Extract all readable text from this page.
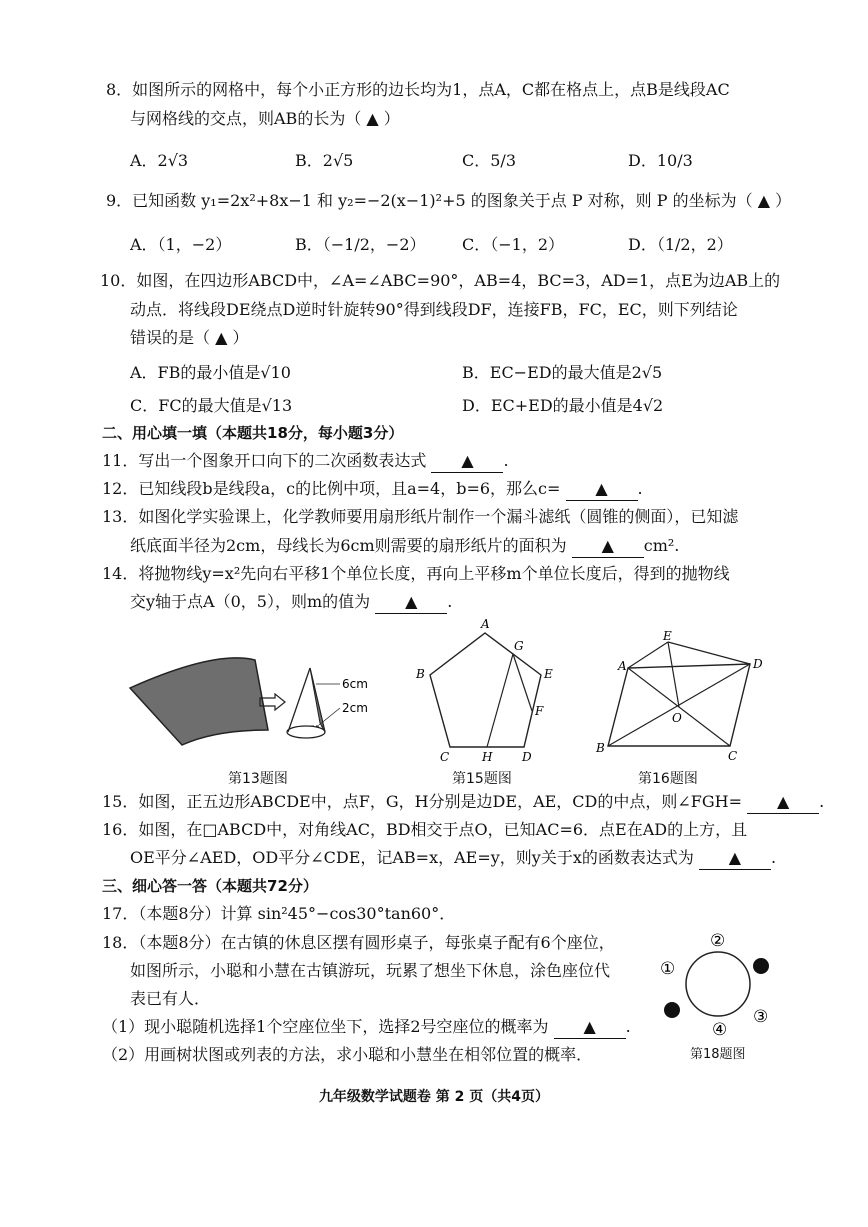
8．如图所示的网格中，每个小正方形的边长均为1，点A，C都在格点上，点B是线段AC
与网格线的交点，则AB的长为（ ▲ ）
A．2√3	B．2√5	C．5/3	D．10/3
9．已知函数 y₁=2x²+8x−1 和 y₂=−2(x−1)²+5 的图象关于点 P 对称，则 P 的坐标为（ ▲ ）
A．（1，−2）	B．（−1/2，−2） C．（−1，2）	D．（1/2，2）
10．如图，在四边形ABCD中，∠A=∠ABC=90°，AB=4，BC=3，AD=1，点E为边AB上的
动点．将线段DE绕点D逆时针旋转90°得到线段DF，连接FB，FC，EC，则下列结论
错误的是（ ▲ ）
A．FB的最小值是√10	B．EC−ED的最大值是2√5
C．FC的最大值是√13	D．EC+ED的最小值是4√2
二、用心填一填（本题共18分，每小题3分）
11．写出一个图象开口向下的二次函数表达式 ▲ .
12．已知线段b是线段a，c的比例中项，且a=4，b=6，那么c= ▲ .
13．如图化学实验课上，化学教师要用扇形纸片制作一个漏斗滤纸（圆锥的侧面），已知滤
纸底面半径为2cm，母线长为6cm则需要的扇形纸片的面积为 ▲ cm².
14．将抛物线y=x²先向右平移1个单位长度，再向上平移m个单位长度后，得到的抛物线
交y轴于点A（0，5），则m的值为 ▲ .
6cm
2cm
第13题图
A
B
C	D
E
F
G
H
第15题图
A
B
C
D
E
O
第16题图
15．如图，正五边形ABCDE中，点F，G，H分别是边DE，AE，CD的中点，则∠FGH= ▲ .
16．如图，在□ABCD中，对角线AC，BD相交于点O，已知AC=6．点E在AD的上方，且
OE平分∠AED，OD平分∠CDE，记AB=x，AE=y，则y关于x的函数表达式为 ▲ .
三、细心答一答（本题共72分）
17．（本题8分）计算 sin²45°−cos30°tan60°．
18．（本题8分）在古镇的休息区摆有圆形桌子，每张桌子配有6个座位，
如图所示，小聪和小慧在古镇游玩，玩累了想坐下休息，涂色座位代
表已有人．
（1）现小聪随机选择1个空座位坐下，选择2号空座位的概率为 ▲ .
（2）用画树状图或列表的方法，求小聪和小慧坐在相邻位置的概率．
②
①
③
④
第18题图
九年级数学试题卷 第 2 页（共4页）
